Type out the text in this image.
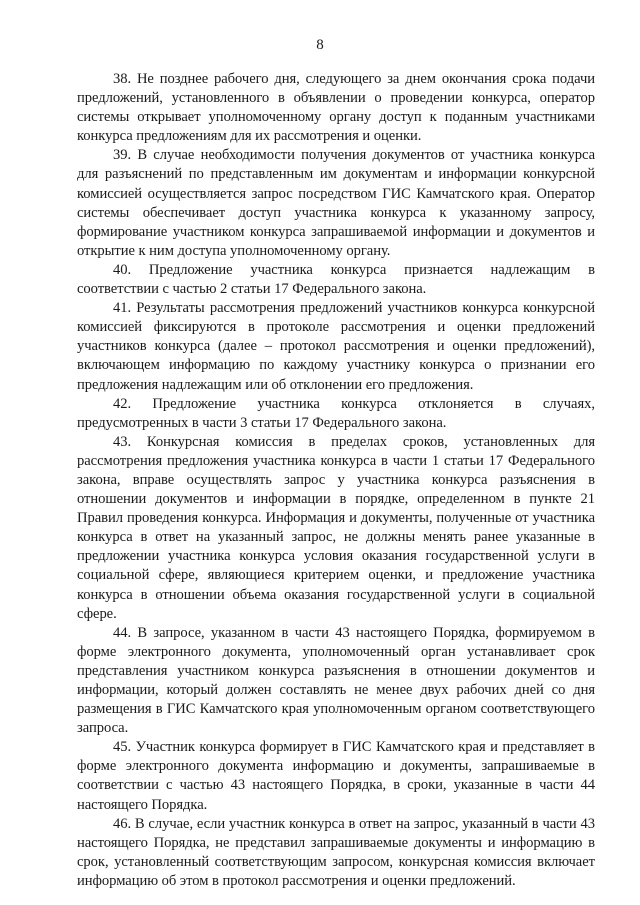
8

38. Не позднее рабочего дня, следующего за днем окончания срока подачи предложений, установленного в объявлении о проведении конкурса, оператор системы открывает уполномоченному органу доступ к поданным участниками конкурса предложениям для их рассмотрения и оценки.

39. В случае необходимости получения документов от участника конкурса для разъяснений по представленным им документам и информации конкурсной комиссией осуществляется запрос посредством ГИС Камчатского края. Оператор системы обеспечивает доступ участника конкурса к указанному запросу, формирование участником конкурса запрашиваемой информации и документов и открытие к ним доступа уполномоченному органу.

40. Предложение участника конкурса признается надлежащим в соответствии с частью 2 статьи 17 Федерального закона.

41. Результаты рассмотрения предложений участников конкурса конкурсной комиссией фиксируются в протоколе рассмотрения и оценки предложений участников конкурса (далее – протокол рассмотрения и оценки предложений), включающем информацию по каждому участнику конкурса о признании его предложения надлежащим или об отклонении его предложения.

42. Предложение участника конкурса отклоняется в случаях, предусмотренных в части 3 статьи 17 Федерального закона.

43. Конкурсная комиссия в пределах сроков, установленных для рассмотрения предложения участника конкурса в части 1 статьи 17 Федерального закона, вправе осуществлять запрос у участника конкурса разъяснения в отношении документов и информации в порядке, определенном в пункте 21 Правил проведения конкурса. Информация и документы, полученные от участника конкурса в ответ на указанный запрос, не должны менять ранее указанные в предложении участника конкурса условия оказания государственной услуги в социальной сфере, являющиеся критерием оценки, и предложение участника конкурса в отношении объема оказания государственной услуги в социальной сфере.

44. В запросе, указанном в части 43 настоящего Порядка, формируемом в форме электронного документа, уполномоченный орган устанавливает срок представления участником конкурса разъяснения в отношении документов и информации, который должен составлять не менее двух рабочих дней со дня размещения в ГИС Камчатского края уполномоченным органом соответствующего запроса.

45. Участник конкурса формирует в ГИС Камчатского края и представляет в форме электронного документа информацию и документы, запрашиваемые в соответствии с частью 43 настоящего Порядка, в сроки, указанные в части 44 настоящего Порядка.

46. В случае, если участник конкурса в ответ на запрос, указанный в части 43 настоящего Порядка, не представил запрашиваемые документы и информацию в срок, установленный соответствующим запросом, конкурсная комиссия включает информацию об этом в протокол рассмотрения и оценки предложений.
